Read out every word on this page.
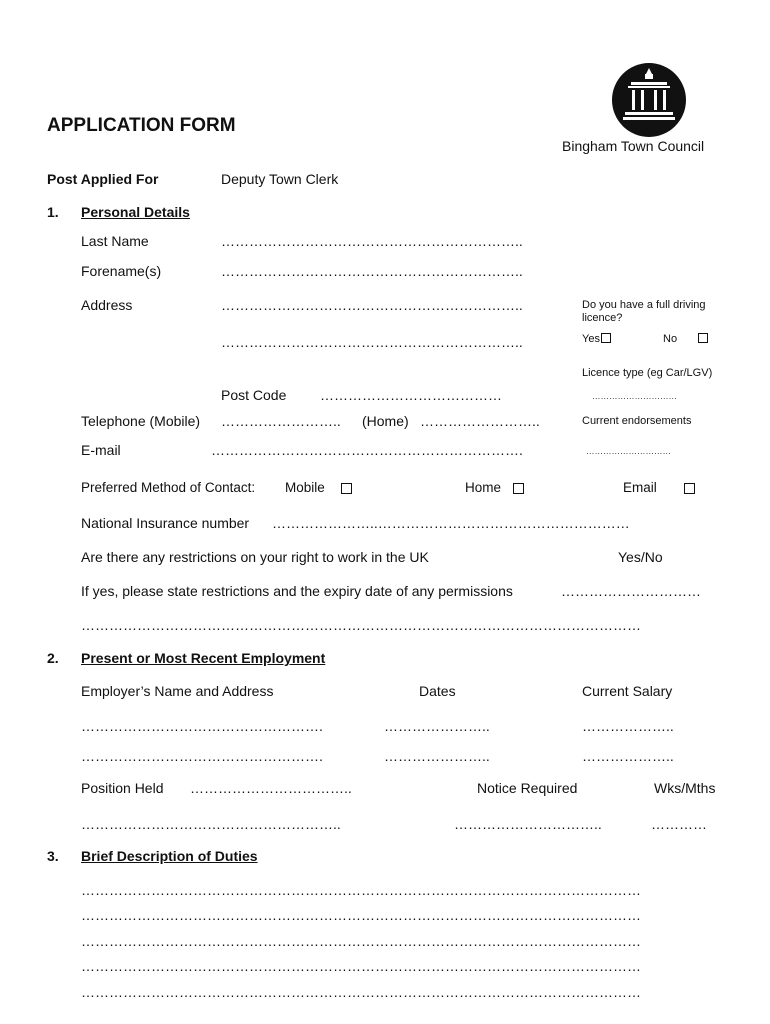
APPLICATION FORM
Bingham Town Council
Post Applied For	Deputy Town Clerk
1. Personal Details
Last Name	………………………………………………………..
Forename(s)	………………………………………………………..
Address	………………………………………………………..
………………………………………………………..
Do you have a full driving licence?
Yes	No
Licence type (eg Car/LGV)
…………………………
Current endorsements
…………………………
Post Code …………………………………
Telephone (Mobile) …………………….. (Home) ……………………..
E-mail	………………………………………………………….
Preferred Method of Contact: Mobile	Home	Email
National Insurance number …………………..………………………………………………
Are there any restrictions on your right to work in the UK	Yes/No
If yes, please state restrictions and the expiry date of any permissions	…………………………
…………………………………………………………………………………………………………
2. Present or Most Recent Employment
Employer’s Name and Address	Dates	Current Salary
…………………………………………….	…………………..	………………..
…………………………………………….	…………………..	………………..
Position Held ……………………………..	Notice Required	Wks/Mths
………………………………………………..	…………………………..	…………
3. Brief Description of Duties
…………………………………………………………………………………………………………
…………………………………………………………………………………………………………
…………………………………………………………………………………………………………
…………………………………………………………………………………………………………
…………………………………………………………………………………………………………
